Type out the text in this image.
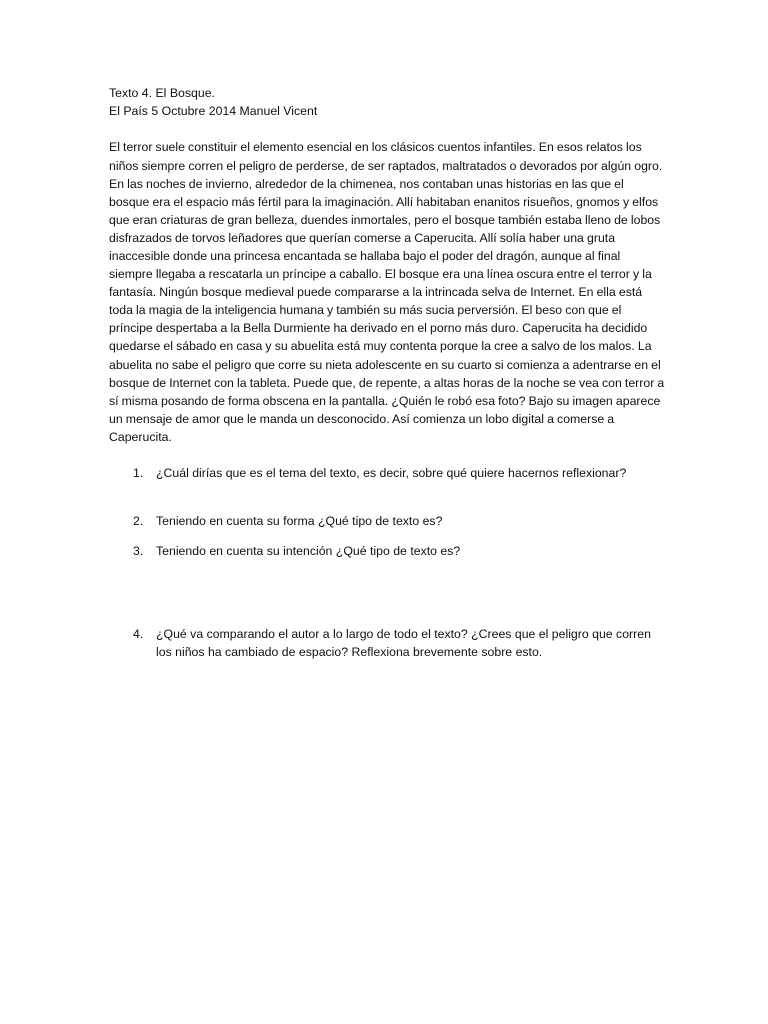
Texto 4. El Bosque.

El País 5 Octubre 2014 Manuel Vicent

El terror suele constituir el elemento esencial en los clásicos cuentos infantiles. En esos relatos los niños siempre corren el peligro de perderse, de ser raptados, maltratados o devorados por algún ogro. En las noches de invierno, alrededor de la chimenea, nos contaban unas historias en las que el bosque era el espacio más fértil para la imaginación. Allí habitaban enanitos risueños, gnomos y elfos que eran criaturas de gran belleza, duendes inmortales, pero el bosque también estaba lleno de lobos disfrazados de torvos leñadores que querían comerse a Caperucita. Allí solía haber una gruta inaccesible donde una princesa encantada se hallaba bajo el poder del dragón, aunque al final siempre llegaba a rescatarla un príncipe a caballo. El bosque era una línea oscura entre el terror y la fantasía. Ningún bosque medieval puede compararse a la intrincada selva de Internet. En ella está toda la magia de la inteligencia humana y también su más sucia perversión. El beso con que el príncipe despertaba a la Bella Durmiente ha derivado en el porno más duro. Caperucita ha decidido quedarse el sábado en casa y su abuelita está muy contenta porque la cree a salvo de los malos. La abuelita no sabe el peligro que corre su nieta adolescente en su cuarto si comienza a adentrarse en el bosque de Internet con la tableta. Puede que, de repente, a altas horas de la noche se vea con terror a sí misma posando de forma obscena en la pantalla. ¿Quién le robó esa foto? Bajo su imagen aparece un mensaje de amor que le manda un desconocido. Así comienza un lobo digital a comerse a Caperucita.

1. ¿Cuál dirías que es el tema del texto, es decir, sobre qué quiere hacernos reflexionar?
2. Teniendo en cuenta su forma ¿Qué tipo de texto es?
3. Teniendo en cuenta su intención ¿Qué tipo de texto es?
4. ¿Qué va comparando el autor a lo largo de todo el texto? ¿Crees que el peligro que corren los niños ha cambiado de espacio? Reflexiona brevemente sobre esto.
